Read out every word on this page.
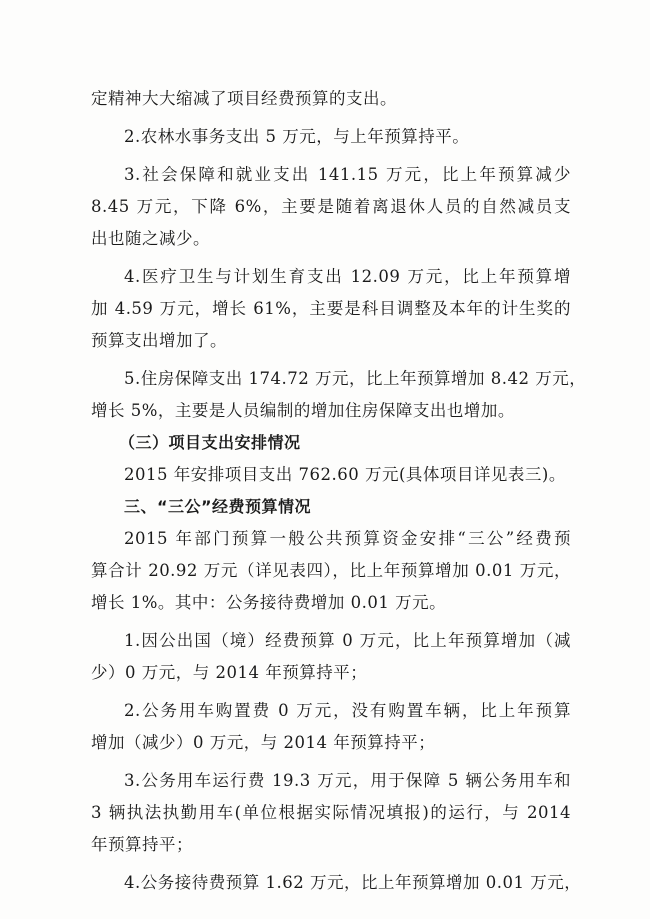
定精神大大缩减了项目经费预算的支出。
2.农林水事务支出 5 万元，与上年预算持平。
3.社会保障和就业支出 141.15 万元，比上年预算减少
8.45 万元，下降 6%，主要是随着离退休人员的自然减员支
出也随之减少。
4.医疗卫生与计划生育支出 12.09 万元，比上年预算增
加 4.59 万元，增长 61%，主要是科目调整及本年的计生奖的
预算支出增加了。
5.住房保障支出 174.72 万元，比上年预算增加 8.42 万元，
增长 5%，主要是人员编制的增加住房保障支出也增加。
（三）项目支出安排情况
2015 年安排项目支出 762.60 万元(具体项目详见表三)。
三、“三公”经费预算情况
2015 年部门预算一般公共预算资金安排“三公”经费预
算合计 20.92 万元（详见表四），比上年预算增加 0.01 万元，
增长 1%。其中：公务接待费增加 0.01 万元。
1.因公出国（境）经费预算 0 万元，比上年预算增加（减
少）0 万元，与 2014 年预算持平；
2.公务用车购置费 0 万元，没有购置车辆，比上年预算
增加（减少）0 万元，与 2014 年预算持平；
3.公务用车运行费 19.3 万元，用于保障 5 辆公务用车和
3 辆执法执勤用车(单位根据实际情况填报)的运行，与 2014
年预算持平；
4.公务接待费预算 1.62 万元，比上年预算增加 0.01 万元，
